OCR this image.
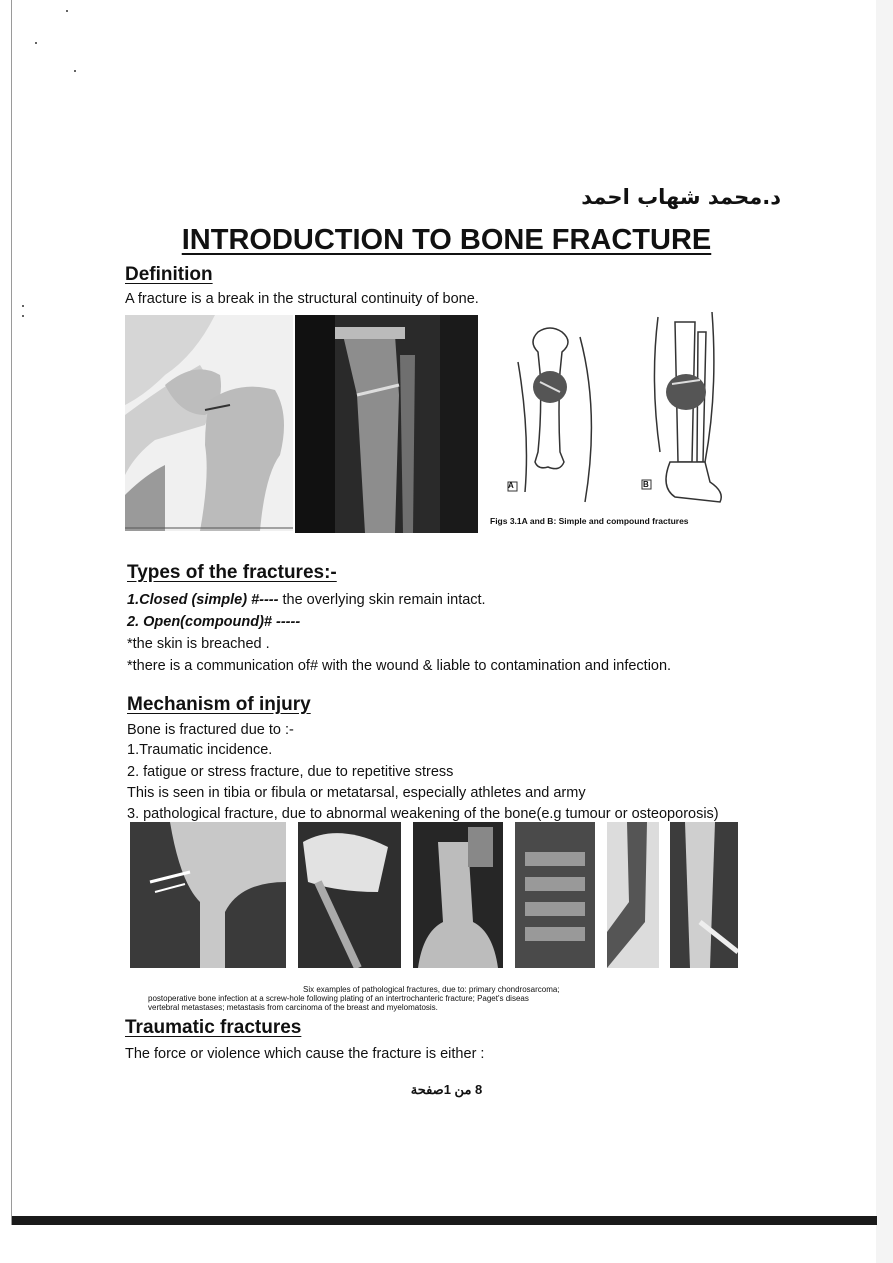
د.محمد شهاب احمد
INTRODUCTION TO BONE FRACTURE
Definition
A fracture is a break in the structural continuity of bone.
A	B
Figs 3.1A and B: Simple and compound fractures
Types of the fractures:-
1.Closed (simple) #---- the overlying skin remain intact.
2. Open(compound)# -----
*the skin is breached .
*there is a communication of# with the wound & liable to contamination and infection.
Mechanism of injury
Bone is fractured due to :-
1.Traumatic incidence.
2. fatigue or stress fracture, due to repetitive stress
This is seen in tibia or fibula or metatarsal, especially athletes and army
3. pathological fracture, due to abnormal weakening of the bone(e.g tumour or osteoporosis)
Six examples of pathological fractures, due to: primary chondrosarcoma;
postoperative bone infection at a screw-hole following plating of an intertrochanteric fracture; Paget's diseas
vertebral metastases; metastasis from carcinoma of the breast and myelomatosis.
Traumatic fractures
The force or violence which cause the fracture is either :
8 من 1صفحة
